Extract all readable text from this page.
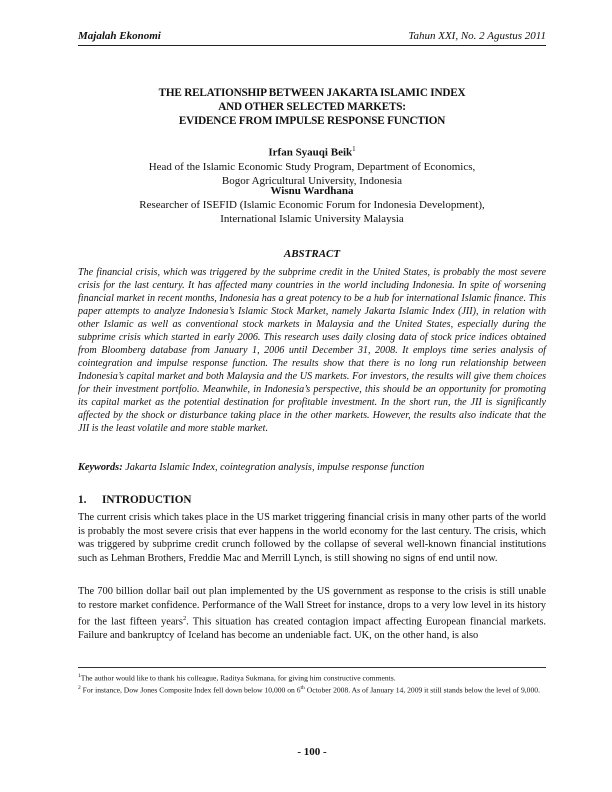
Majalah Ekonomi	Tahun XXI, No. 2 Agustus 2011
THE RELATIONSHIP BETWEEN JAKARTA ISLAMIC INDEX
AND OTHER SELECTED MARKETS:
EVIDENCE FROM IMPULSE RESPONSE FUNCTION
Irfan Syauqi Beik$^1$
Head of the Islamic Economic Study Program, Department of Economics,
Bogor Agricultural University, Indonesia
Wisnu Wardhana
Researcher of ISEFID (Islamic Economic Forum for Indonesia Development),
International Islamic University Malaysia
ABSTRACT

The financial crisis, which was triggered by the subprime credit in the United States, is probably the most severe crisis for the last century. It has affected many countries in the world including Indonesia. In spite of worsening financial market in recent months, Indonesia has a great potency to be a hub for international Islamic finance. This paper attempts to analyze Indonesia’s Islamic Stock Market, namely Jakarta Islamic Index (JII), in relation with other Islamic as well as conventional stock markets in Malaysia and the United States, especially during the subprime crisis which started in early 2006. This research uses daily closing data of stock price indices obtained from Bloomberg database from January 1, 2006 until December 31, 2008. It employs time series analysis of cointegration and impulse response function. The results show that there is no long run relationship between Indonesia’s capital market and both Malaysia and the US markets. For investors, the results will give them choices for their investment portfolio. Meanwhile, in Indonesia’s perspective, this should be an opportunity for promoting its capital market as the potential destination for profitable investment. In the short run, the JII is significantly affected by the shock or disturbance taking place in the other markets. However, the results also indicate that the JII is the least volatile and more stable market.

Keywords: Jakarta Islamic Index, cointegration analysis, impulse response function
1. INTRODUCTION

The current crisis which takes place in the US market triggering financial crisis in many other parts of the world is probably the most severe crisis that ever happens in the world economy for the last century. The crisis, which was triggered by subprime credit crunch followed by the collapse of several well-known financial institutions such as Lehman Brothers, Freddie Mac and Merrill Lynch, is still showing no signs of end until now.

The 700 billion dollar bail out plan implemented by the US government as response to the crisis is still unable to restore market confidence. Performance of the Wall Street for instance, drops to a very low level in its history for the last fifteen years$^2$. This situation has created contagion impact affecting European financial markets. Failure and bankruptcy of Iceland has become an undeniable fact. UK, on the other hand, is also

$^1$The author would like to thank his colleague, Raditya Sukmana, for giving him constructive comments.
$^2$ For instance, Dow Jones Composite Index fell down below 10,000 on 6th October 2008. As of January 14, 2009 it still stands below the level of 9,000.
- 100 -
